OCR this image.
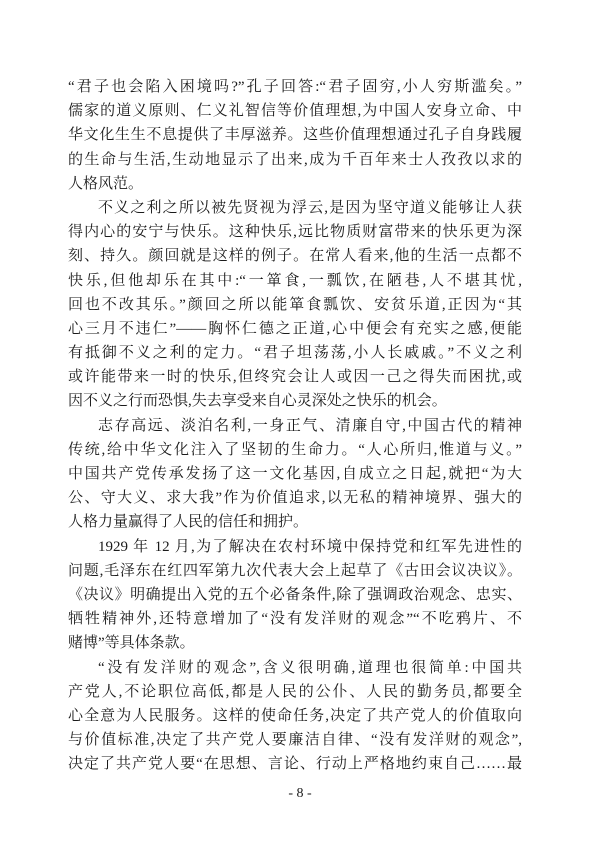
“君子也会陷入困境吗?”孔子回答:“君子固穷,小人穷斯滥矣。”
儒家的道义原则、仁义礼智信等价值理想,为中国人安身立命、中
华文化生生不息提供了丰厚滋养。这些价值理想通过孔子自身践履
的生命与生活,生动地显示了出来,成为千百年来士人孜孜以求的
人格风范。
不义之利之所以被先贤视为浮云,是因为坚守道义能够让人获
得内心的安宁与快乐。这种快乐,远比物质财富带来的快乐更为深
刻、持久。颜回就是这样的例子。在常人看来,他的生活一点都不
快乐,但他却乐在其中:“一箪食,一瓢饮,在陋巷,人不堪其忧,
回也不改其乐。”颜回之所以能箪食瓢饮、安贫乐道,正因为“其
心三月不违仁”——胸怀仁德之正道,心中便会有充实之感,便能
有抵御不义之利的定力。“君子坦荡荡,小人长戚戚。”不义之利
或许能带来一时的快乐,但终究会让人或因一己之得失而困扰,或
因不义之行而恐惧,失去享受来自心灵深处之快乐的机会。
志存高远、淡泊名利,一身正气、清廉自守,中国古代的精神
传统,给中华文化注入了坚韧的生命力。“人心所归,惟道与义。”
中国共产党传承发扬了这一文化基因,自成立之日起,就把“为大
公、守大义、求大我”作为价值追求,以无私的精神境界、强大的
人格力量赢得了人民的信任和拥护。
1929 年 12 月,为了解决在农村环境中保持党和红军先进性的
问题,毛泽东在红四军第九次代表大会上起草了《古田会议决议》。
《决议》明确提出入党的五个必备条件,除了强调政治观念、忠实、
牺牲精神外,还特意增加了“没有发洋财的观念”“不吃鸦片、不
赌博”等具体条款。
“没有发洋财的观念”,含义很明确,道理也很简单:中国共
产党人,不论职位高低,都是人民的公仆、人民的勤务员,都要全
心全意为人民服务。这样的使命任务,决定了共产党人的价值取向
与价值标准,决定了共产党人要廉洁自律、“没有发洋财的观念”,
决定了共产党人要“在思想、言论、行动上严格地约束自己……最
- 8 -
